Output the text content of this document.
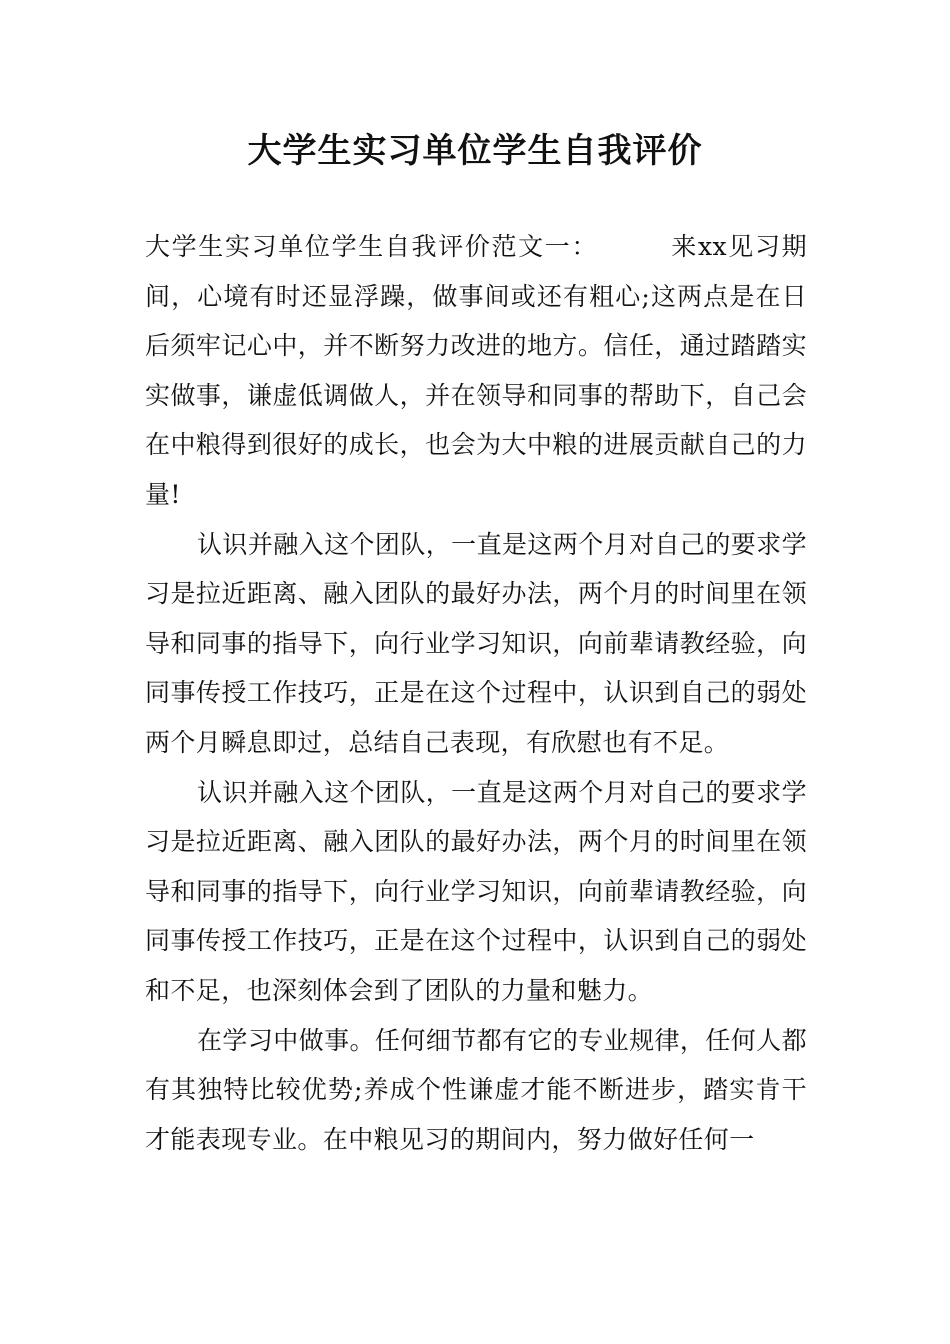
大学生实习单位学生自我评价

大学生实习单位学生自我评价范文一：	来xx见习期间，心境有时还显浮躁，做事间或还有粗心;这两点是在日后须牢记心中，并不断努力改进的地方。信任，通过踏踏实实做事，谦虚低调做人，并在领导和同事的帮助下，自己会在中粮得到很好的成长，也会为大中粮的进展贡献自己的力量!

认识并融入这个团队，一直是这两个月对自己的要求学习是拉近距离、融入团队的最好办法，两个月的时间里在领导和同事的指导下，向行业学习知识，向前辈请教经验，向同事传授工作技巧，正是在这个过程中，认识到自己的弱处两个月瞬息即过，总结自己表现，有欣慰也有不足。

认识并融入这个团队，一直是这两个月对自己的要求学习是拉近距离、融入团队的最好办法，两个月的时间里在领导和同事的指导下，向行业学习知识，向前辈请教经验，向同事传授工作技巧，正是在这个过程中，认识到自己的弱处和不足，也深刻体会到了团队的力量和魅力。

在学习中做事。任何细节都有它的专业规律，任何人都有其独特比较优势;养成个性谦虚才能不断进步，踏实肯干才能表现专业。在中粮见习的期间内，努力做好任何一
